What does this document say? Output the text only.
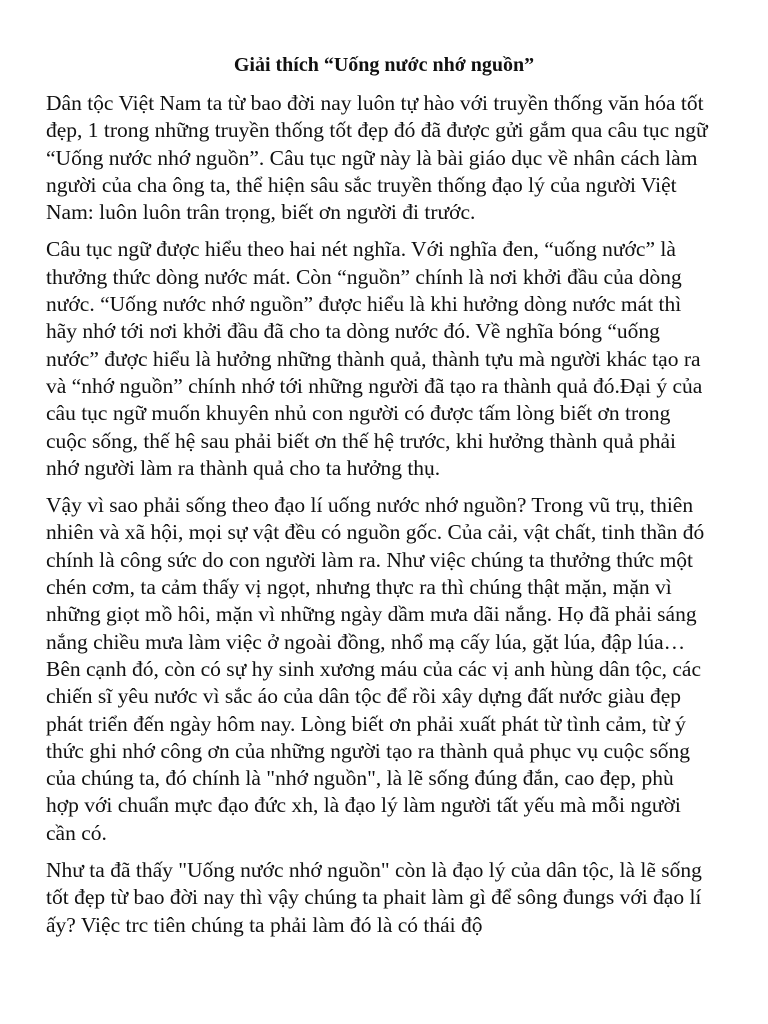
Giải thích “Uống nước nhớ nguồn”

Dân tộc Việt Nam ta từ bao đời nay luôn tự hào với truyền thống văn hóa tốt đẹp, 1 trong những truyền thống tốt đẹp đó đã được gửi gắm qua câu tục ngữ “Uống nước nhớ nguồn”. Câu tục ngữ này là bài giáo dục về nhân cách làm người của cha ông ta, thể hiện sâu sắc truyền thống đạo lý của người Việt Nam: luôn luôn trân trọng, biết ơn người đi trước.

Câu tục ngữ được hiểu theo hai nét nghĩa. Với nghĩa đen, “uống nước” là thưởng thức dòng nước mát. Còn “nguồn” chính là nơi khởi đầu của dòng nước. “Uống nước nhớ nguồn” được hiểu là khi hưởng dòng nước mát thì hãy nhớ tới nơi khởi đầu đã cho ta dòng nước đó. Về nghĩa bóng “uống nước” được hiểu là hưởng những thành quả, thành tựu mà người khác tạo ra và “nhớ nguồn” chính nhớ tới những người đã tạo ra thành quả đó.Đại ý của câu tục ngữ muốn khuyên nhủ con người có được tấm lòng biết ơn trong cuộc sống, thế hệ sau phải biết ơn thế hệ trước, khi hưởng thành quả phải nhớ người làm ra thành quả cho ta hưởng thụ.

Vậy vì sao phải sống theo đạo lí uống nước nhớ nguồn? Trong vũ trụ, thiên nhiên và xã hội, mọi sự vật đều có nguồn gốc. Của cải, vật chất, tinh thần đó chính là công sức do con người làm ra. Như việc chúng ta thưởng thức một chén cơm, ta cảm thấy vị ngọt, nhưng thực ra thì chúng thật mặn, mặn vì những giọt mồ hôi, mặn vì những ngày dầm mưa dãi nắng. Họ đã phải sáng nắng chiều mưa làm việc ở ngoài đồng, nhổ mạ cấy lúa, gặt lúa, đập lúa… Bên cạnh đó, còn có sự hy sinh xương máu của các vị anh hùng dân tộc, các chiến sĩ yêu nước vì sắc áo của dân tộc để rồi xây dựng đất nước giàu đẹp phát triển đến ngày hôm nay. Lòng biết ơn phải xuất phát từ tình cảm, từ ý thức ghi nhớ công ơn của những người tạo ra thành quả phục vụ cuộc sống của chúng ta, đó chính là "nhớ nguồn", là lẽ sống đúng đắn, cao đẹp, phù hợp với chuẩn mực đạo đức xh, là đạo lý làm người tất yếu mà mỗi người cần có.

Như ta đã thấy "Uống nước nhớ nguồn" còn là đạo lý của dân tộc, là lẽ sống tốt đẹp từ bao đời nay thì vậy chúng ta phait làm gì để sông đungs với đạo lí ấy? Việc trc tiên chúng ta phải làm đó là có thái độ
